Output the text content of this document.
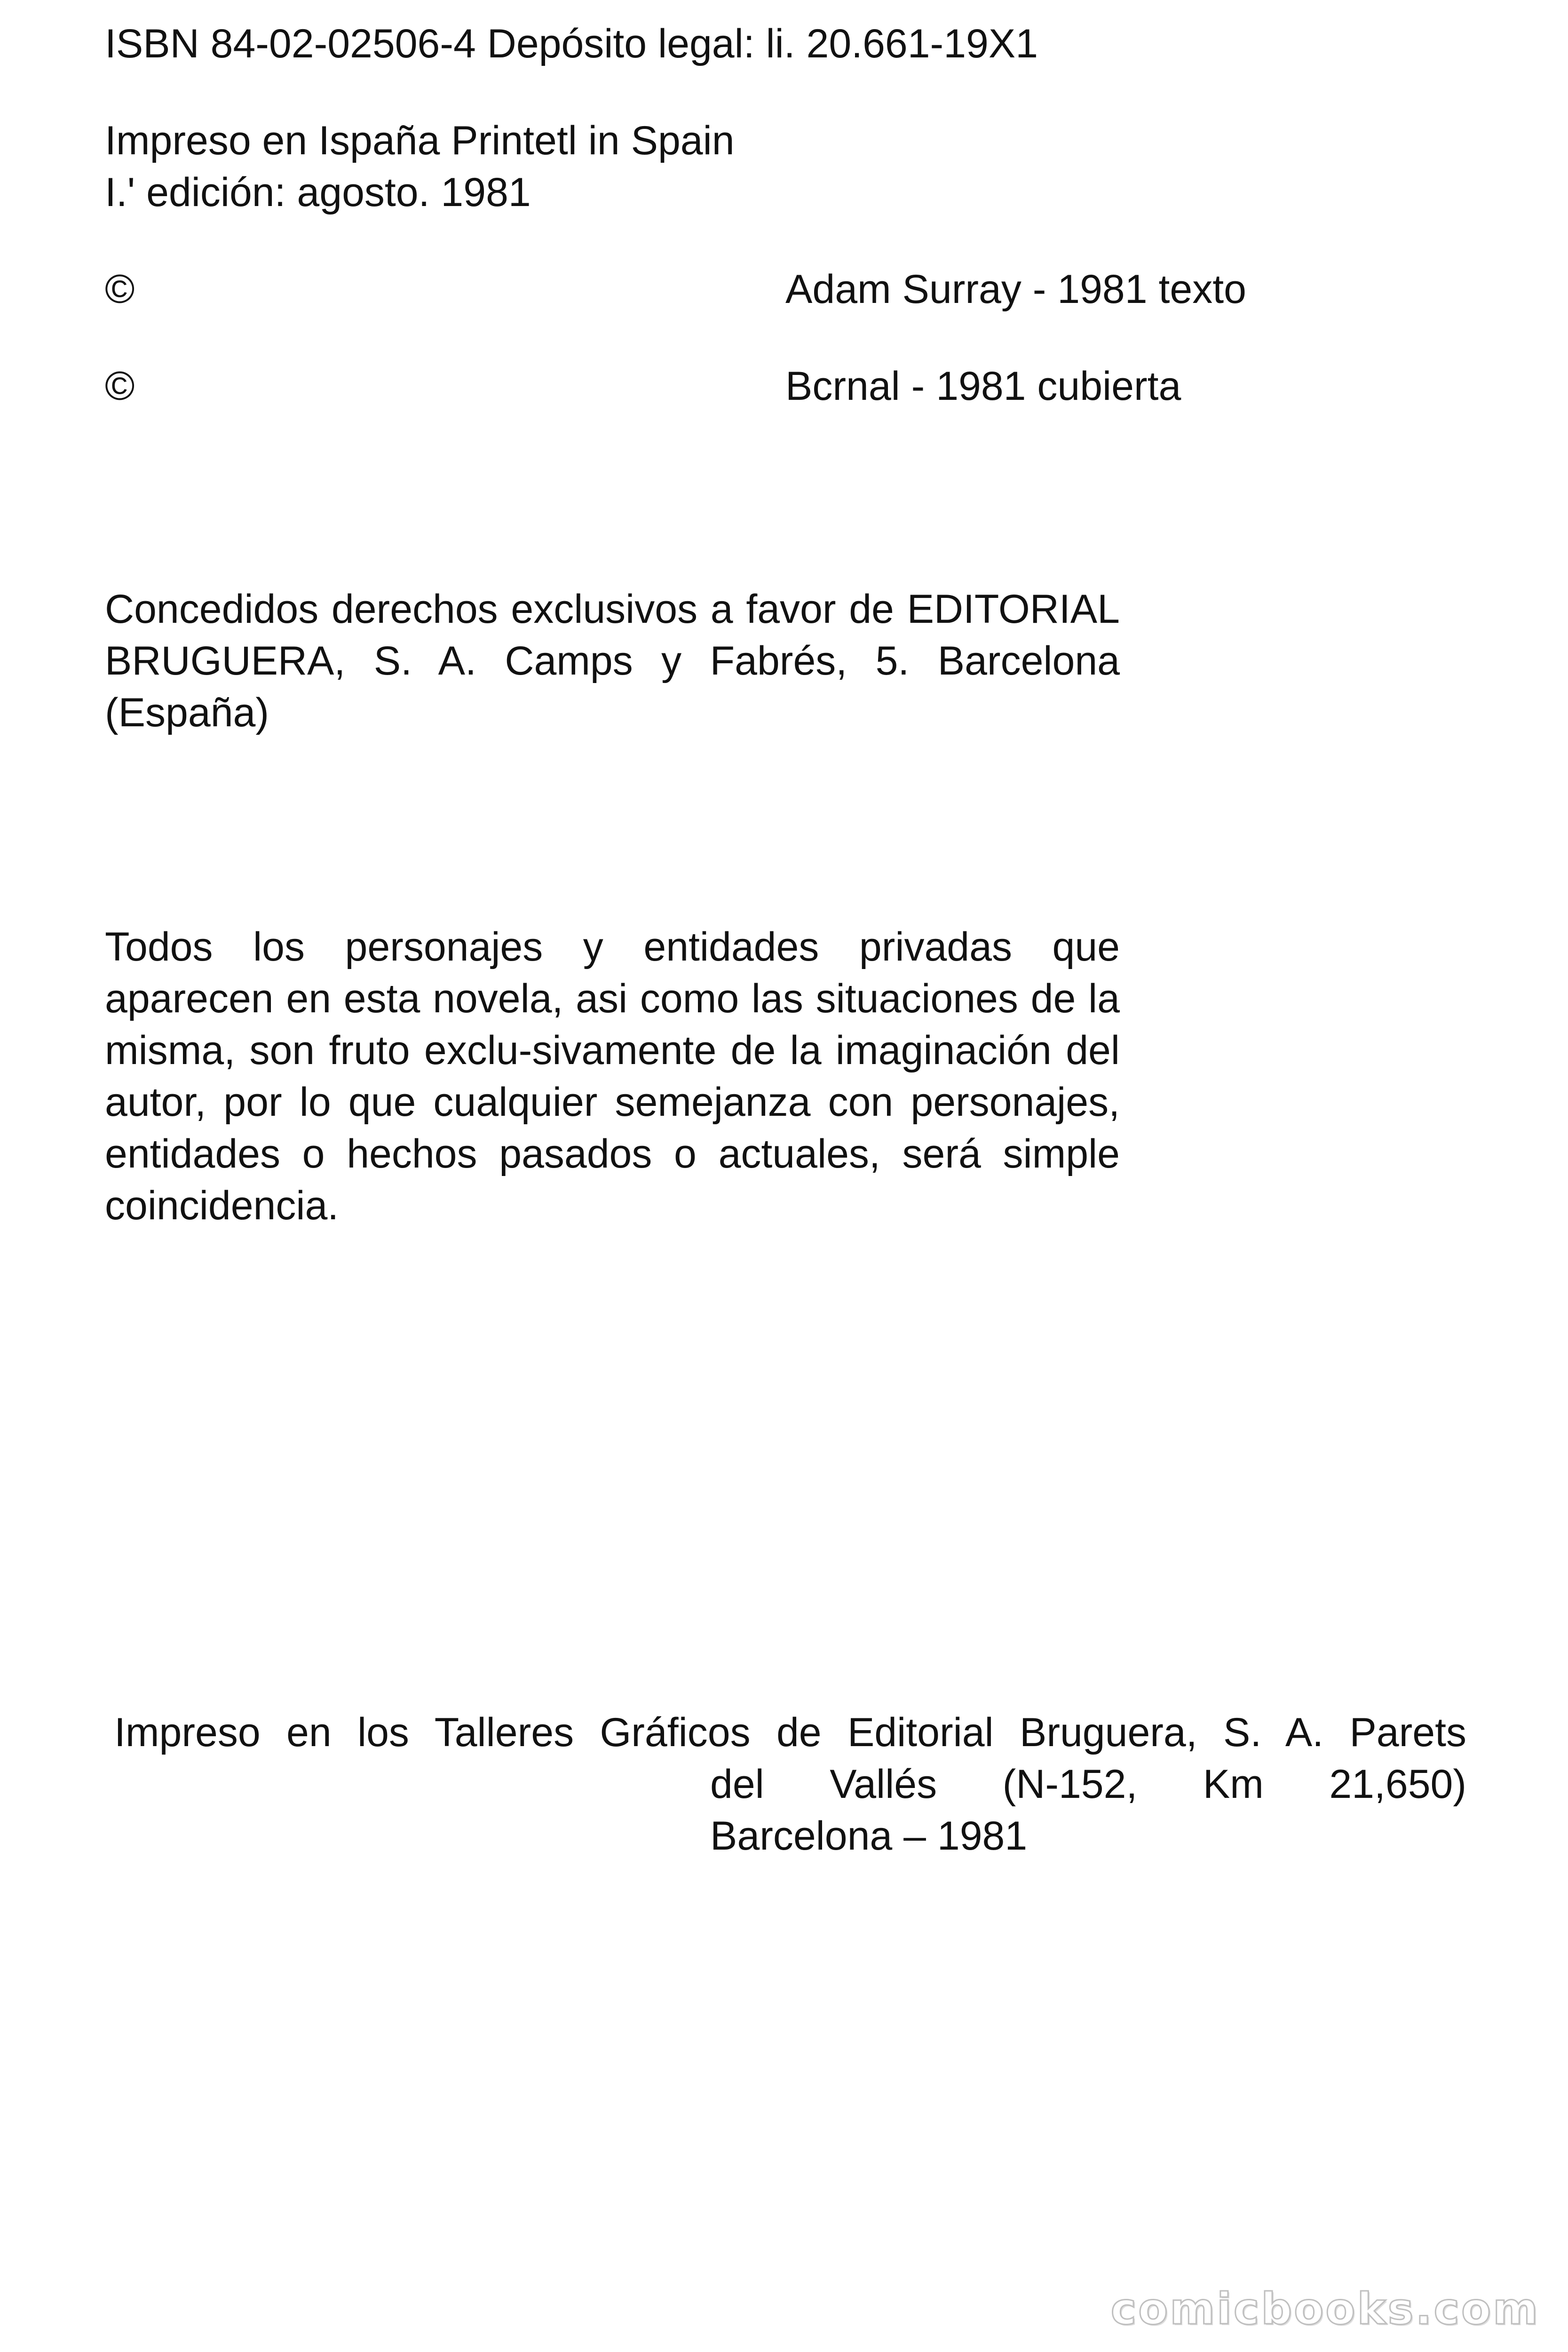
ISBN 84-02-02506-4 Depósito legal: li. 20.661-19X1
Impreso en Ispaña Printetl in Spain
I.' edición: agosto. 1981
©	Adam Surray - 1981 texto
©	Bcrnal - 1981 cubierta

Concedidos derechos exclusivos a favor de EDITORIAL BRUGUERA, S. A. Camps y Fabrés, 5. Barcelona (España)

Todos los personajes y entidades privadas que aparecen en esta novela, asi como las situaciones de la misma, son fruto exclu-sivamente de la imaginación del autor, por lo que cualquier semejanza con personajes, entidades o hechos pasados o actuales, será simple coincidencia.

Impreso en los Talleres Gráficos de Editorial Bruguera, S. A. Parets
del Vallés (N-152, Km 21,650)
Barcelona – 1981
comicbooks.com
